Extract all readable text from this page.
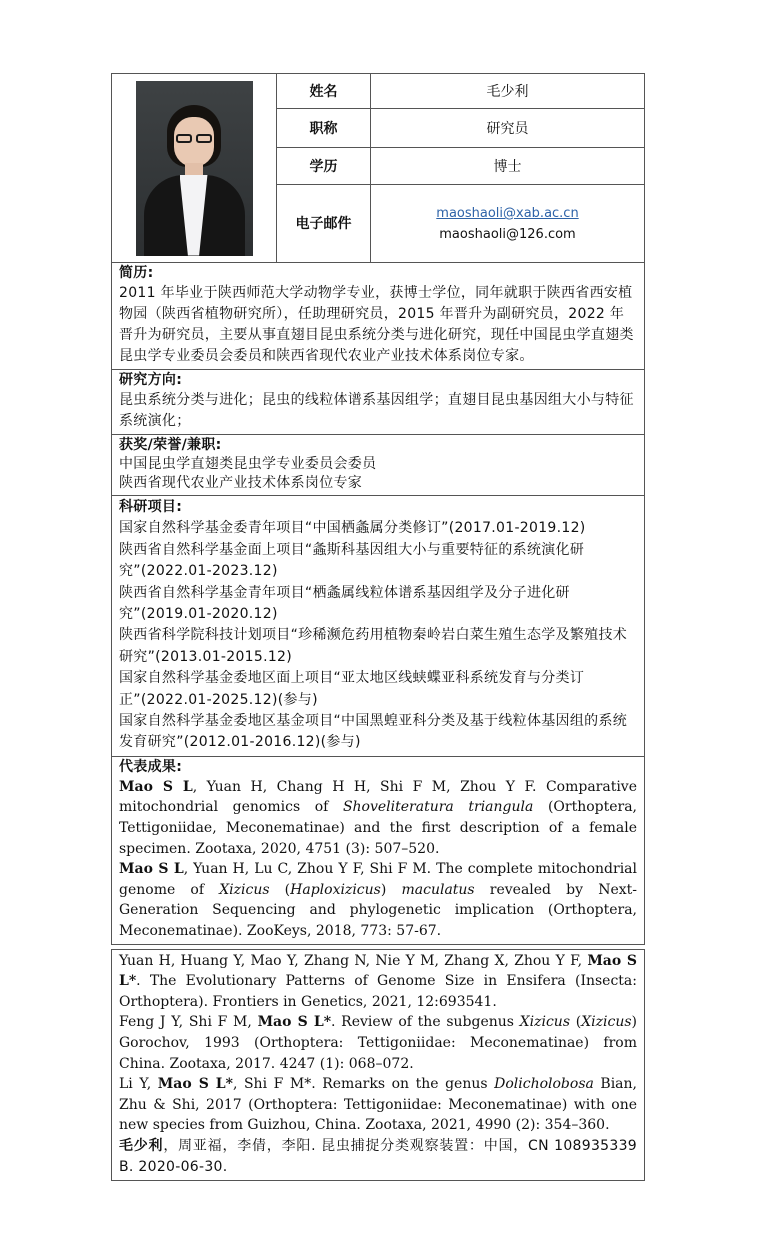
	姓名	毛少利
	职称	研究员
	学历	博士
	电子邮件	maoshaoli@xab.ac.cn
maoshaoli@126.com
简历:
2011 年毕业于陕西师范大学动物学专业，获博士学位，同年就职于陕西省西安植物园（陕西省植物研究所），任助理研究员，2015 年晋升为副研究员，2022 年晋升为研究员，主要从事直翅目昆虫系统分类与进化研究，现任中国昆虫学直翅类昆虫学专业委员会委员和陕西省现代农业产业技术体系岗位专家。
研究方向:
昆虫系统分类与进化；昆虫的线粒体谱系基因组学；直翅目昆虫基因组大小与特征系统演化；
获奖/荣誉/兼职:
中国昆虫学直翅类昆虫学专业委员会委员
陕西省现代农业产业技术体系岗位专家
科研项目:
国家自然科学基金委青年项目“中国栖螽属分类修订”(2017.01-2019.12)
陕西省自然科学基金面上项目“螽斯科基因组大小与重要特征的系统演化研究”(2022.01-2023.12)
陕西省自然科学基金青年项目“栖螽属线粒体谱系基因组学及分子进化研究”(2019.01-2020.12)
陕西省科学院科技计划项目“珍稀濒危药用植物秦岭岩白菜生殖生态学及繁殖技术研究”(2013.01-2015.12)
国家自然科学基金委地区面上项目“亚太地区线蛱蝶亚科系统发育与分类订正”(2022.01-2025.12)(参与)
国家自然科学基金委地区基金项目“中国黑蝗亚科分类及基于线粒体基因组的系统发育研究”(2012.01-2016.12)(参与)
代表成果:

Mao S L, Yuan H, Chang H H, Shi F M, Zhou Y F. Comparative mitochondrial genomics of Shoveliteratura triangula (Orthoptera, Tettigoniidae, Meconematinae) and the first description of a female specimen. Zootaxa, 2020, 4751 (3): 507–520.

Mao S L, Yuan H, Lu C, Zhou Y F, Shi F M. The complete mitochondrial genome of Xizicus (Haploxizicus) maculatus revealed by Next-Generation Sequencing and phylogenetic implication (Orthoptera, Meconematinae). ZooKeys, 2018, 773: 57-67.

Yuan H, Huang Y, Mao Y, Zhang N, Nie Y M, Zhang X, Zhou Y F, Mao S L*. The Evolutionary Patterns of Genome Size in Ensifera (Insecta: Orthoptera). Frontiers in Genetics, 2021, 12:693541.

Feng J Y, Shi F M, Mao S L*. Review of the subgenus Xizicus (Xizicus) Gorochov, 1993 (Orthoptera: Tettigoniidae: Meconematinae) from China. Zootaxa, 2017. 4247 (1): 068–072.

Li Y, Mao S L*, Shi F M*. Remarks on the genus Dolicholobosa Bian, Zhu & Shi, 2017 (Orthoptera: Tettigoniidae: Meconematinae) with one new species from Guizhou, China. Zootaxa, 2021, 4990 (2): 354–360.

毛少利，周亚福，李倩，李阳. 昆虫捕捉分类观察装置：中国，CN 108935339 B. 2020-06-30.
